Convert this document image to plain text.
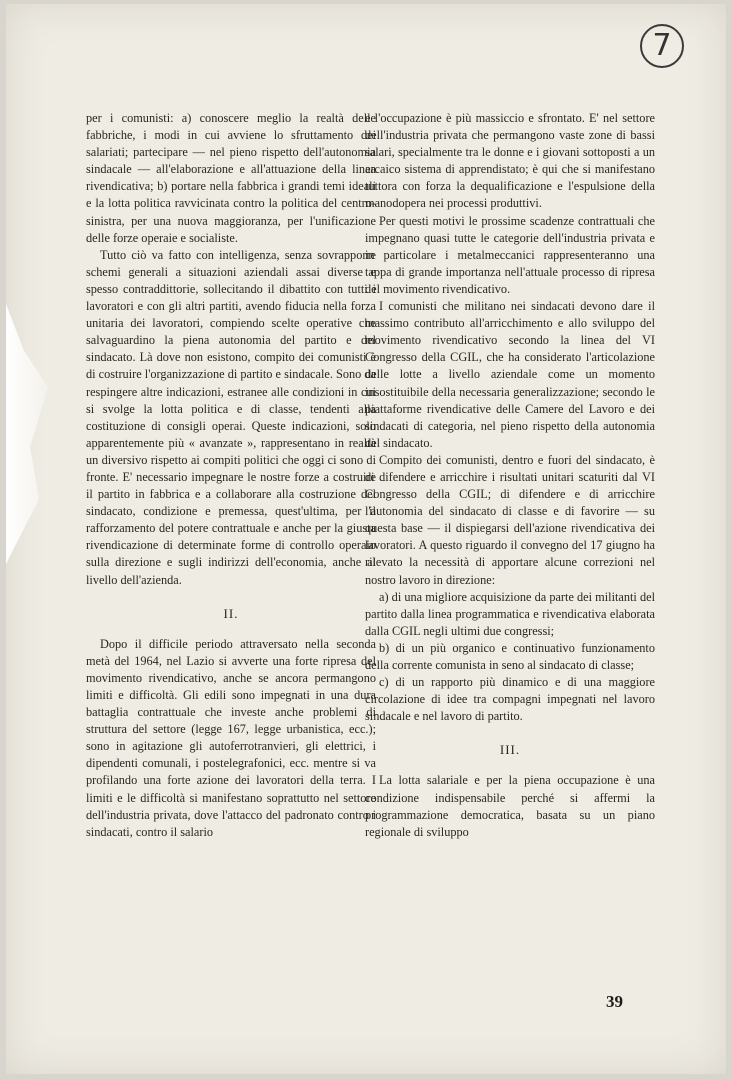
7

per i comunisti: a) conoscere meglio la realtà delle fabbriche, i modi in cui avviene lo sfruttamento dei salariati; partecipare — nel pieno rispetto dell'autonomia sindacale — all'elaborazione e all'attuazione della linea rivendicativa; b) portare nella fabbrica i grandi temi ideali e la lotta politica ravvicinata contro la politica del centro-sinistra, per una nuova maggioranza, per l'unificazione delle forze operaie e socialiste.

Tutto ciò va fatto con intelligenza, senza sovrapporre schemi generali a situazioni aziendali assai diverse e spesso contraddittorie, sollecitando il dibattito con tutti i lavoratori e con gli altri partiti, avendo fiducia nella forza unitaria dei lavoratori, compiendo scelte operative che salvaguardino la piena autonomia del partito e del sindacato. Là dove non esistono, compito dei comunisti è di costruire l'organizzazione di partito e sindacale. Sono da respingere altre indicazioni, estranee alle condizioni in cui si svolge la lotta politica e di classe, tendenti alla costituzione di consigli operai. Queste indicazioni, solo apparentemente più « avanzate », rappresentano in realtà un diversivo rispetto ai compiti politici che oggi ci sono di fronte. E' necessario impegnare le nostre forze a costruire il partito in fabbrica e a collaborare alla costruzione del sindacato, condizione e premessa, quest'ultima, per il rafforzamento del potere contrattuale e anche per la giusta rivendicazione di determinate forme di controllo operaio sulla direzione e sugli indirizzi dell'economia, anche al livello dell'azienda.

II.

Dopo il difficile periodo attraversato nella seconda metà del 1964, nel Lazio si avverte una forte ripresa del movimento rivendicativo, anche se ancora permangono limiti e difficoltà. Gli edili sono impegnati in una dura battaglia contrattuale che investe anche problemi di struttura del settore (legge 167, legge urbanistica, ecc.); sono in agitazione gli autoferrotranvieri, gli elettrici, i dipendenti comunali, i postelegrafonici, ecc. mentre si va profilando una forte azione dei lavoratori della terra. I limiti e le difficoltà si manifestano soprattutto nel settore dell'industria privata, dove l'attacco del padronato contro i sindacati, contro il salario

e l'occupazione è più massiccio e sfrontato. E' nel settore dell'industria privata che permangono vaste zone di bassi salari, specialmente tra le donne e i giovani sottoposti a un arcaico sistema di apprendistato; è qui che si manifestano tuttora con forza la dequalificazione e l'espulsione della manodopera nei processi produttivi.

Per questi motivi le prossime scadenze contrattuali che impegnano quasi tutte le categorie dell'industria privata e in particolare i metalmeccanici rappresenteranno una tappa di grande importanza nell'attuale processo di ripresa del movimento rivendicativo.

I comunisti che militano nei sindacati devono dare il massimo contributo all'arricchimento e allo sviluppo del movimento rivendicativo secondo la linea del VI Congresso della CGIL, che ha considerato l'articolazione delle lotte a livello aziendale come un momento insostituibile della necessaria generalizzazione; secondo le piattaforme rivendicative delle Camere del Lavoro e dei sindacati di categoria, nel pieno rispetto della autonomia del sindacato.

Compito dei comunisti, dentro e fuori del sindacato, è di difendere e arricchire i risultati unitari scaturiti dal VI Congresso della CGIL; di difendere e di arricchire l'autonomia del sindacato di classe e di favorire — su questa base — il dispiegarsi dell'azione rivendicativa dei lavoratori. A questo riguardo il convegno del 17 giugno ha rilevato la necessità di apportare alcune correzioni nel nostro lavoro in direzione:

a) di una migliore acquisizione da parte dei militanti del partito dalla linea programmatica e rivendicativa elaborata dalla CGIL negli ultimi due congressi;

b) di un più organico e continuativo funzionamento della corrente comunista in seno al sindacato di classe;

c) di un rapporto più dinamico e di una maggiore circolazione di idee tra compagni impegnati nel lavoro sindacale e nel lavoro di partito.

III.

La lotta salariale e per la piena occupazione è una condizione indispensabile perché si affermi la programmazione democratica, basata su un piano regionale di sviluppo

39
